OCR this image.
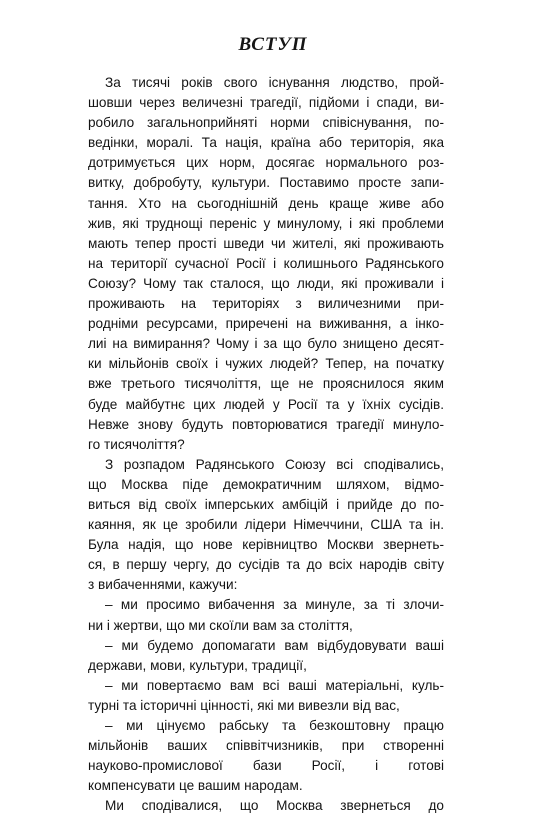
ВСТУП
За тисячі років свого існування людство, прой-
шовши через величезні трагедії, підйоми і спади, ви-
робило загальноприйняті норми співіснування, по-
ведінки, моралі. Та нація, країна або територія, яка
дотримується цих норм, досягає нормального роз-
витку, добробуту, культури. Поставимо просте запи-
тання. Хто на сьогоднішній день краще живе або
жив, які труднощі переніс у минулому, і які проблеми
мають тепер прості шведи чи жителі, які проживають
на території сучасної Росії і колишнього Радянського
Союзу? Чому так сталося, що люди, які проживали і
проживають на територіях з виличезними при-
родніми ресурсами, приречені на виживання, а інко-
лиі на вимирання? Чому і за що було знищено десят-
ки мільйонів своїх і чужих людей? Тепер, на початку
вже третього тисячоліття, ще не прояснилося яким
буде майбутнє цих людей у Росії та у їхніх сусідів.
Невже знову будуть повторюватися трагедії минуло-
го тисячоліття?
З розпадом Радянського Союзу всі сподівались,
що Москва піде демократичним шляхом, відмо-
виться від своїх імперських амбіцій і прийде до по-
каяння, як це зробили лідери Німеччини, США та ін.
Була надія, що нове керівництво Москви звернеть-
ся, в першу чергу, до сусідів та до всіх народів світу
з вибаченнями, кажучи:
– ми просимо вибачення за минуле, за ті злочи-
ни і жертви, що ми скоїли вам за століття,
– ми будемо допомагати вам відбудовувати ваші
держави, мови, культури, традиції,
– ми повертаємо вам всі ваші матеріальні, куль-
турні та історичні цінності, які ми вивезли від вас,
– ми цінуємо рабську та безкоштовну працю
мільйонів ваших співвітчизників, при створенні
науково-промислової бази Росії, і готові
компенсувати це вашим народам.
Ми сподівалися, що Москва звернеться до
